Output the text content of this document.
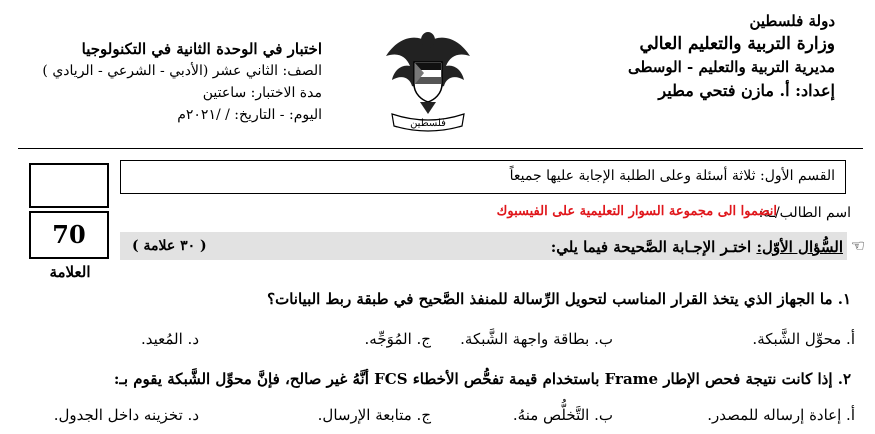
دولة فلسطين
وزارة التربية والتعليم العالي
مديرية التربية والتعليم - الوسطى
إعداد: أ. مازن فتحي مطير
فلسطين
اختبار في الوحدة الثانية في التكنولوجيا
الصف: الثاني عشر (الأدبي - الشرعي - الريادي )
مدة الاختبار: ساعتين
اليوم: - التاريخ: / /٢٠٢١م
القسم الأول: ثلاثة أسئلة وعلى الطلبة الإجابة عليها جميعاً
70
العلامة
اسم الطالب/ـة:
انضموا الى مجموعة السوار التعليمية على الفيسبوك
☜
السُّؤال الأوّل: اختـر الإجـابة الصَّحيحة فيما يلي:
( ٣٠ علامة )
١. ما الجهاز الذي يتخذ القرار المناسب لتحويل الرِّسالة للمنفذ الصَّحيح في طبقة ربط البيانات؟
أ. محوِّل الشَّبكة.
ب. بطاقة واجهة الشَّبكة.
ج. المُوَجِّه.
د. المُعيد.
٢. إذا كانت نتيجة فحص الإطار Frame باستخدام قيمة تفحُّص الأخطاء FCS أنَّهُ غير صالح، فإنَّ محوِّل الشَّبكة يقوم بـ:
أ. إعادة إرساله للمصدر.
ب. التَّخلُّص منهُ.
ج. متابعة الإرسال.
د. تخزينه داخل الجدول.
